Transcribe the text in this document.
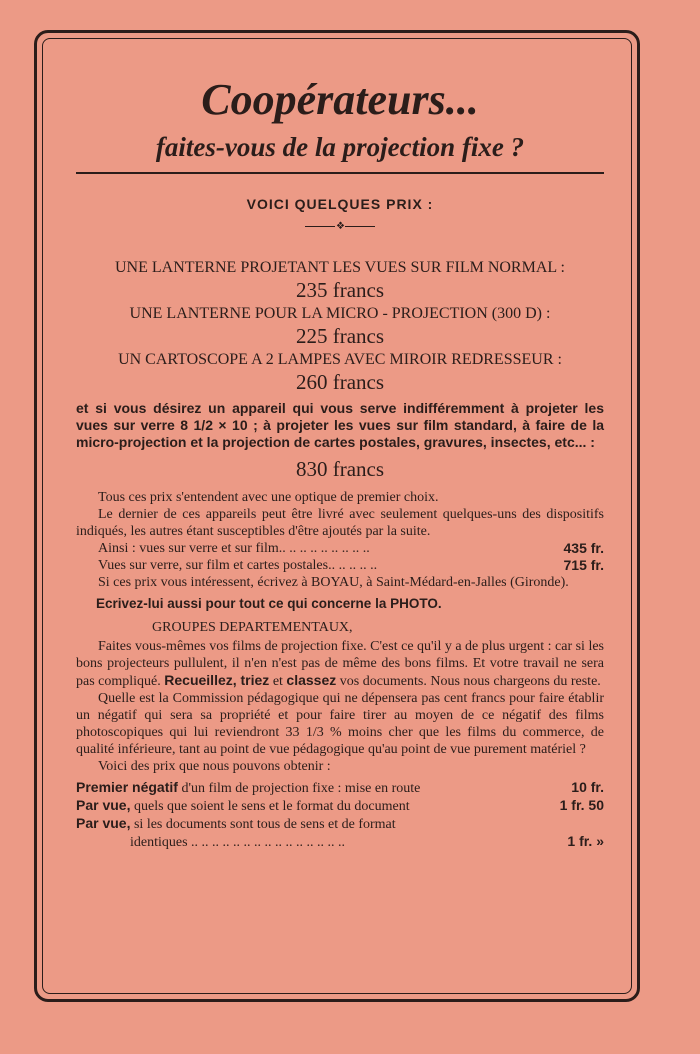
Coopérateurs...
faites-vous de la projection fixe ?
VOICI QUELQUES PRIX :
❖

UNE LANTERNE PROJETANT LES VUES SUR FILM NORMAL :

235 francs

UNE LANTERNE POUR LA MICRO - PROJECTION (300 D) :

225 francs

UN CARTOSCOPE A 2 LAMPES AVEC MIROIR REDRESSEUR :

260 francs

et si vous désirez un appareil qui vous serve indifféremment à projeter les vues sur verre 8 1/2 × 10 ; à projeter les vues sur film standard, à faire de la micro-projection et la projection de cartes postales, gravures, insectes, etc... :

830 francs

Tous ces prix s'entendent avec une optique de premier choix.

Le dernier de ces appareils peut être livré avec seulement quelques-uns des dispositifs indiqués, les autres étant susceptibles d'être ajoutés par la suite.

Ainsi : vues sur verre et sur film.. .. .. .. .. .. .. .. ..	435 fr.
Vues sur verre, sur film et cartes postales.. .. .. .. ..	715 fr.

Si ces prix vous intéressent, écrivez à BOYAU, à Saint-Médard-en-Jalles (Gironde).

Ecrivez-lui aussi pour tout ce qui concerne la PHOTO.

GROUPES DEPARTEMENTAUX,

Faites vous-mêmes vos films de projection fixe. C'est ce qu'il y a de plus urgent : car si les bons projecteurs pullulent, il n'en n'est pas de même des bons films. Et votre travail ne sera pas compliqué. Recueillez, triez et classez vos documents. Nous nous chargeons du reste.

Quelle est la Commission pédagogique qui ne dépensera pas cent francs pour faire établir un négatif qui sera sa propriété et pour faire tirer au moyen de ce négatif des films photoscopiques qui lui reviendront 33 1/3 % moins cher que les films du commerce, de qualité inférieure, tant au point de vue pédagogique qu'au point de vue purement matériel ?

Voici des prix que nous pouvons obtenir :

Premier négatif d'un film de projection fixe : mise en route	10 fr.
Par vue, quels que soient le sens et le format du document	1 fr. 50
Par vue, si les documents sont tous de sens et de format
identiques .. .. .. .. .. .. .. .. .. .. .. .. .. .. ..	1 fr. »
